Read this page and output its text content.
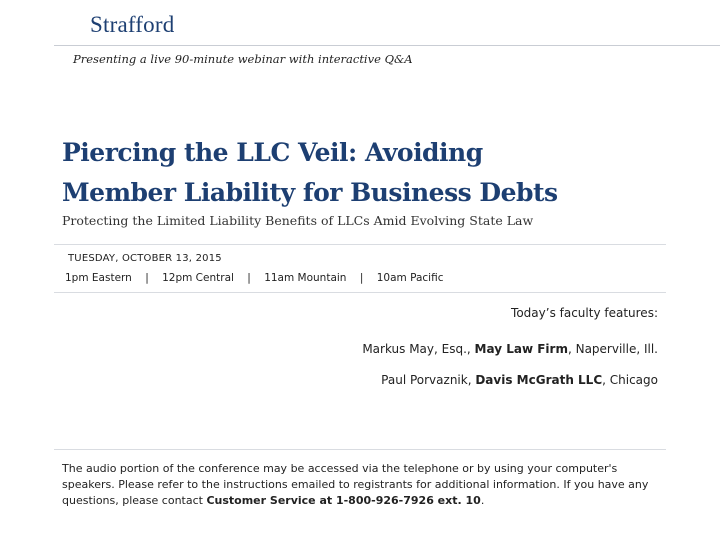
Strafford
Presenting a live 90-minute webinar with interactive Q&A
Piercing the LLC Veil: Avoiding
Member Liability for Business Debts
Protecting the Limited Liability Benefits of LLCs Amid Evolving State Law
TUESDAY, OCTOBER 13, 2015
1pm Eastern | 12pm Central | 11am Mountain | 10am Pacific
Today’s faculty features:
Markus May, Esq., May Law Firm, Naperville, Ill.
Paul Porvaznik, Davis McGrath LLC, Chicago
The audio portion of the conference may be accessed via the telephone or by using your computer's speakers. Please refer to the instructions emailed to registrants for additional information. If you have any questions, please contact Customer Service at 1-800-926-7926 ext. 10.
